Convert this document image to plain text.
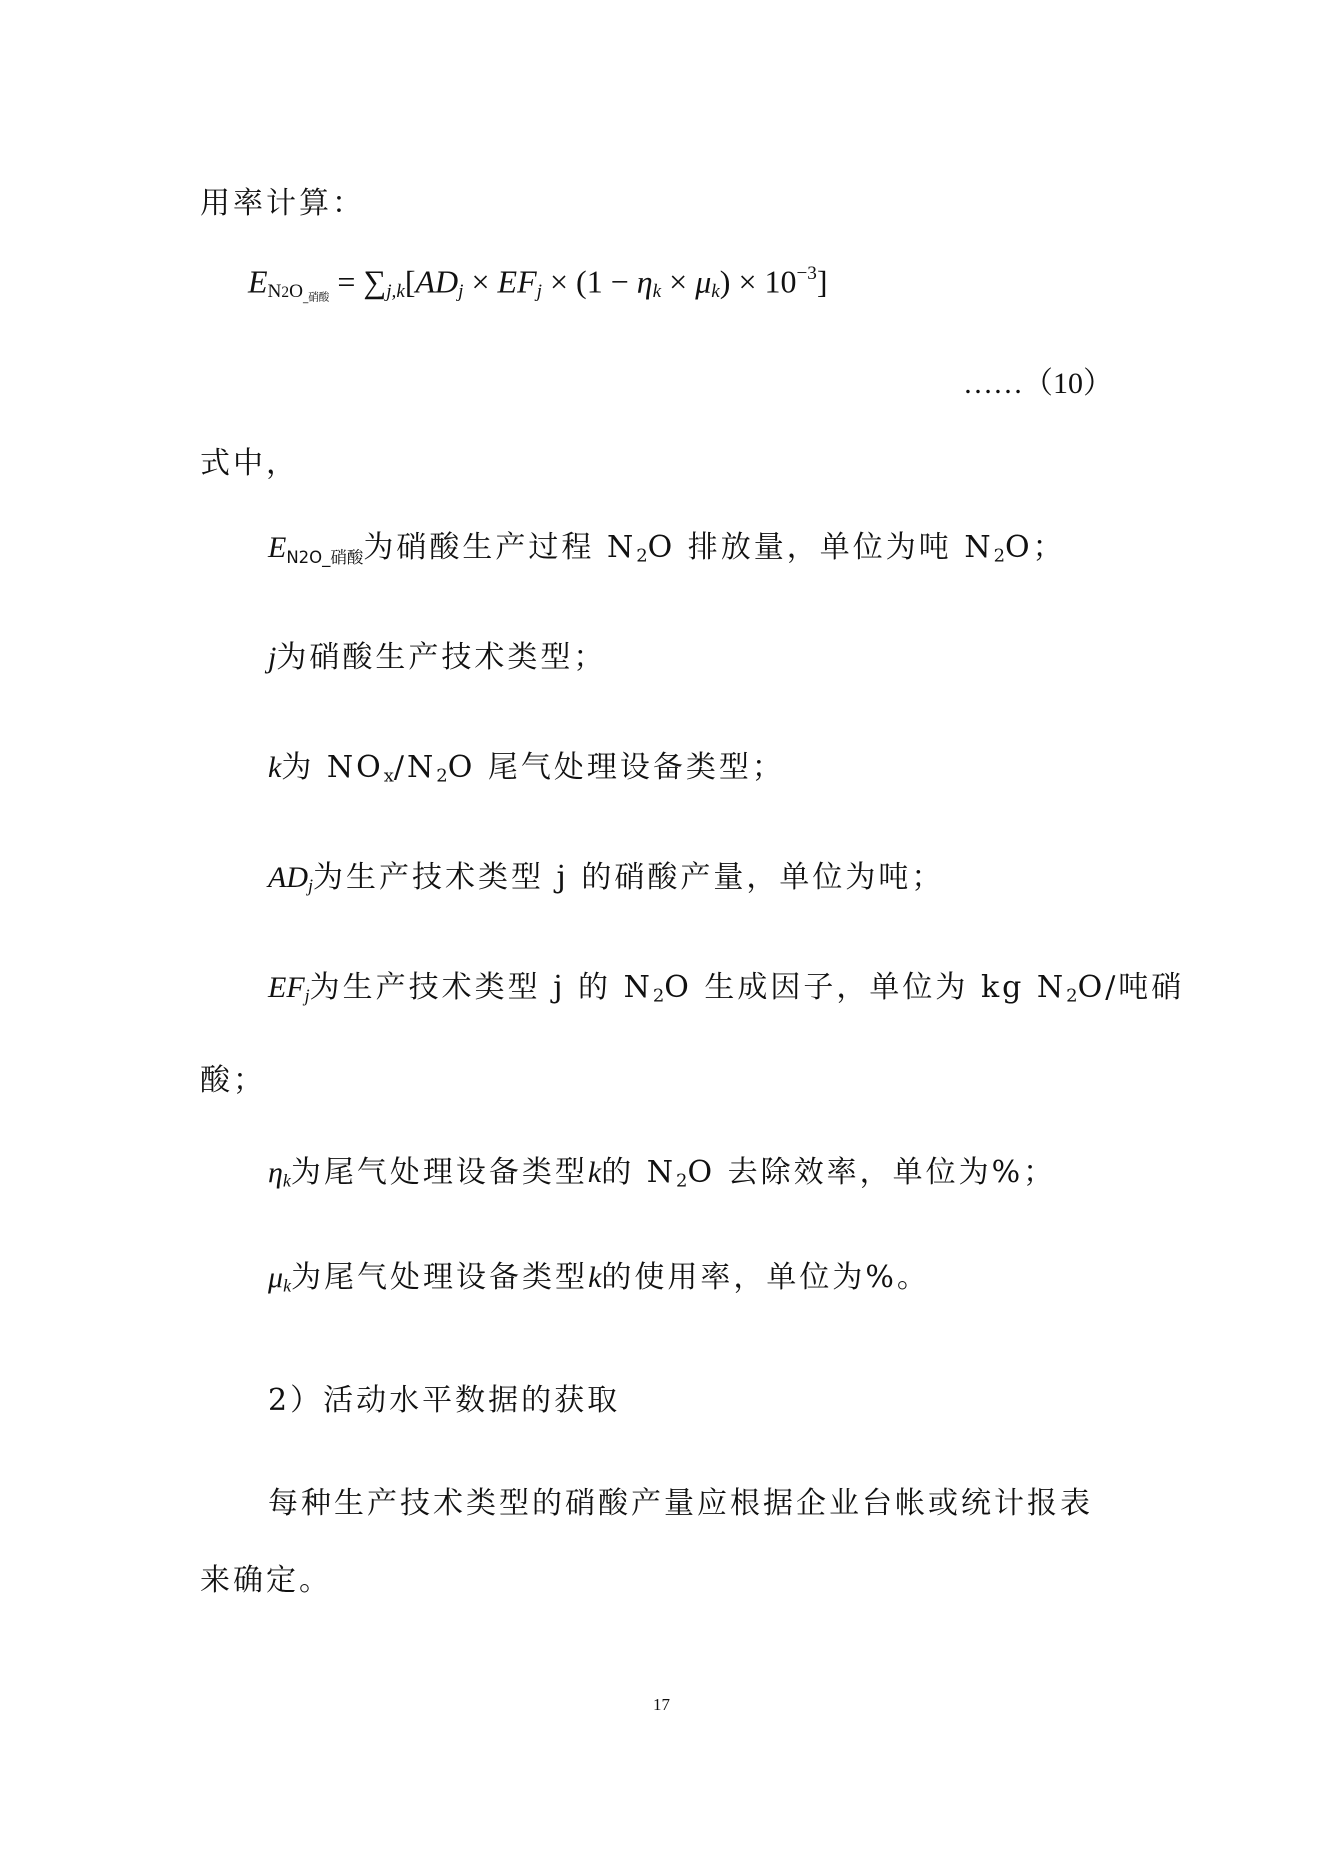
用率计算：
$E_{N2O\_硝酸} = \sum_{j,k}[AD_j \times EF_j \times (1 - \eta_k \times \mu_k) \times 10^{-3}]$
……（10）
式中，
$E_{N2O\_硝酸}$为硝酸生产过程 $N_2O$ 排放量，单位为吨 $N_2O$；
j为硝酸生产技术类型；
k为 $NO_x/N_2O$ 尾气处理设备类型；
$AD_j$为生产技术类型 j 的硝酸产量，单位为吨；
$EF_j$为生产技术类型 j 的 $N_2O$ 生成因子，单位为 kg $N_2O/$吨硝
酸；
$\eta_k$为尾气处理设备类型k的 $N_2O$ 去除效率，单位为%；
$\mu_k$为尾气处理设备类型k的使用率，单位为%。
2）活动水平数据的获取
每种生产技术类型的硝酸产量应根据企业台帐或统计报表
来确定。
17
